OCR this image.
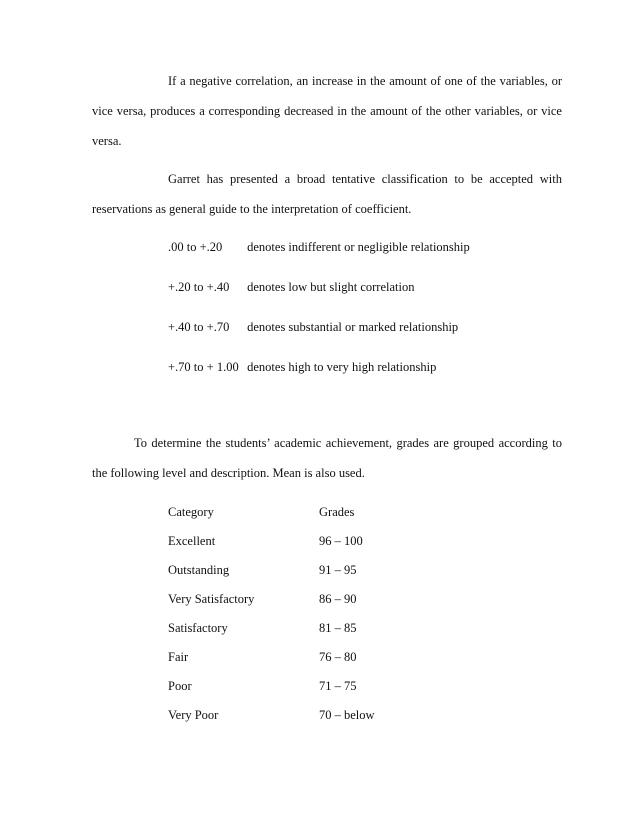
If a negative correlation, an increase in the amount of one of the variables, or vice versa, produces a corresponding decreased in the amount of the other variables, or vice versa.

Garret has presented a broad tentative classification to be accepted with reservations as general guide to the interpretation of coefficient.

.00 to +.20 denotes indifferent or negligible relationship
+.20 to +.40 denotes low but slight correlation
+.40 to +.70 denotes substantial or marked relationship
+.70 to + 1.00 denotes high to very high relationship

To determine the students’ academic achievement, grades are grouped according to the following level and description. Mean is also used.

Category	Grades
Excellent	96 – 100
Outstanding	91 – 95
Very Satisfactory	86 – 90
Satisfactory	81 – 85
Fair	76 – 80
Poor	71 – 75
Very Poor	70 – below
